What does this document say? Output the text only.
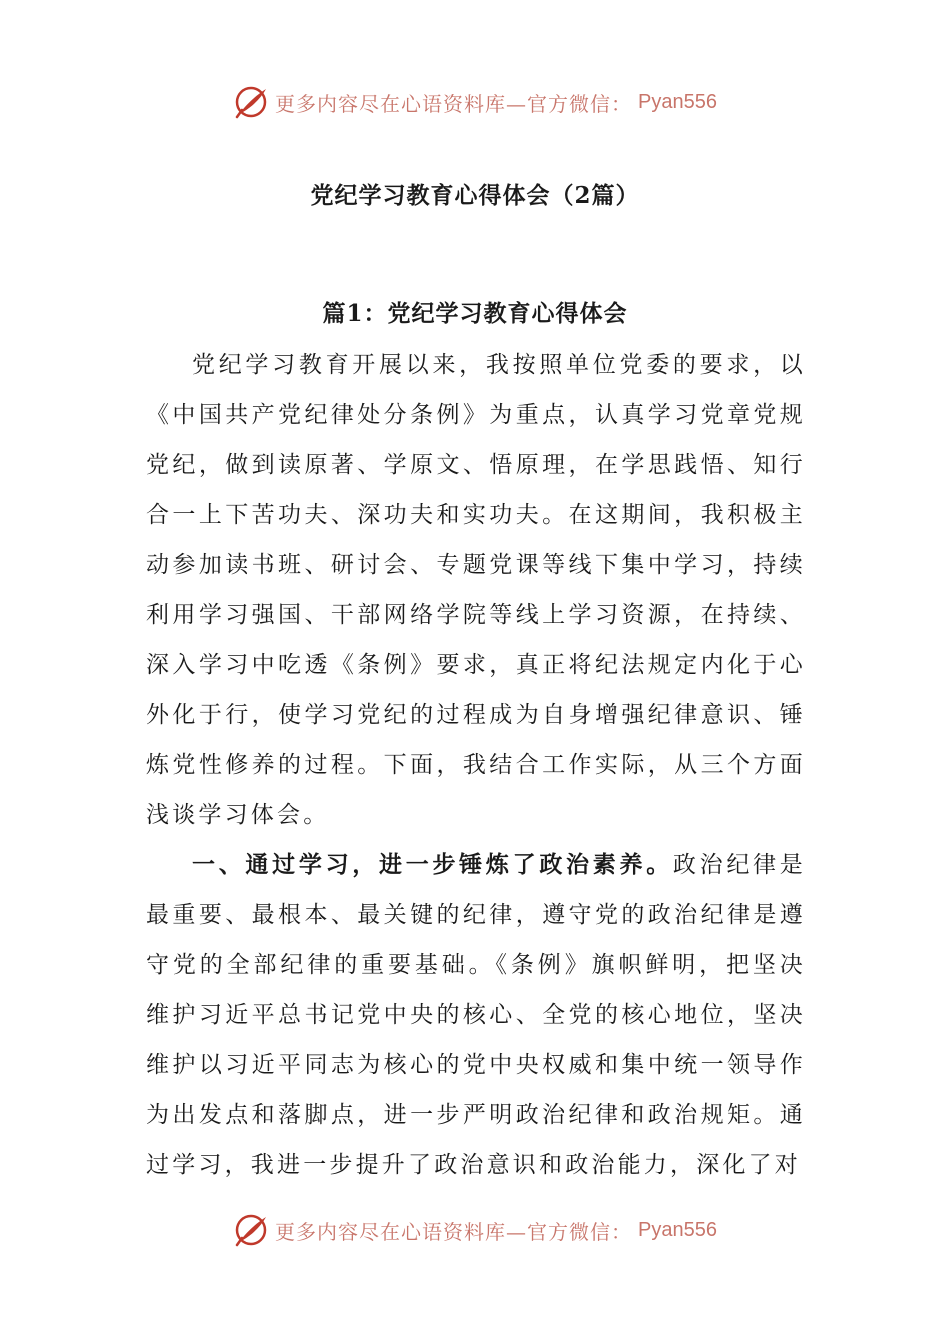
更多内容尽在心语资料库—官方微信： Pyan556
党纪学习教育心得体会（2篇）
篇1：党纪学习教育心得体会

党纪学习教育开展以来，我按照单位党委的要求，以《中国共产党纪律处分条例》为重点，认真学习党章党规党纪，做到读原著、学原文、悟原理，在学思践悟、知行合一上下苦功夫、深功夫和实功夫。在这期间，我积极主动参加读书班、研讨会、专题党课等线下集中学习，持续利用学习强国、干部网络学院等线上学习资源，在持续、深入学习中吃透《条例》要求，真正将纪法规定内化于心外化于行，使学习党纪的过程成为自身增强纪律意识、锤炼党性修养的过程。下面，我结合工作实际，从三个方面浅谈学习体会。

一、通过学习，进一步锤炼了政治素养。政治纪律是最重要、最根本、最关键的纪律，遵守党的政治纪律是遵守党的全部纪律的重要基础。《条例》旗帜鲜明，把坚决维护习近平总书记党中央的核心、全党的核心地位，坚决维护以习近平同志为核心的党中央权威和集中统一领导作为出发点和落脚点，进一步严明政治纪律和政治规矩。通过学习，我进一步提升了政治意识和政治能力，深化了对

更多内容尽在心语资料库—官方微信： Pyan556
